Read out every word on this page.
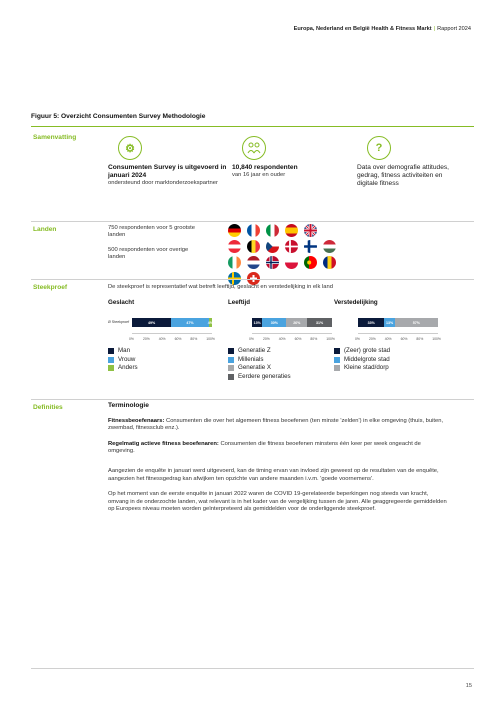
Europa, Nederland en België Health & Fitness Markt | Rapport 2024
Figuur 5: Overzicht Consumenten Survey Methodologie
Samenvatting
⚙
Consumenten Survey is uitgevoerd in januari 2024
ondersteund door marktonderzoekspartner
10,840 respondenten
van 16 jaar en ouder
?
Data over demografie attitudes, gedrag, fitness activiteiten en digitale fitness
Landen	750 respondenten voor 5 grootste landen
500 respondenten voor overige landen
Steekproef	De steekproef is representatief wat betreft leeftijd, geslacht en verstedelijking in elk land
Geslacht
Ø Steekproef	49%	47%	4%
0%	20%	40%	60%	80%	100%
Man
Vrouw
Anders
Leeftijd
13%	30%	26%	31%
0%	20%	40%	60%	80%	100%
Generatie Z
Millenials
Generatie X
Eerdere generaties
Verstedelijking
33%	13%	57%
0%	20%	40%	60%	80%	100%
(Zeer) grote stad
Middelgrote stad
Kleine stad/dorp
Definities	Terminologie

Fitnessbeoefenaars: Consumenten die over het algemeen fitness beoefenen (ten minste 'zelden') in elke omgeving (thuis, buiten, zwembad, fitnessclub enz.).

Regelmatig actieve fitness beoefenaren: Consumenten die fitness beoefenen minstens één keer per week ongeacht de omgeving.

Aangezien de enquête in januari werd uitgevoerd, kan de timing ervan van invloed zijn geweest op de resultaten van de enquête, aangezien het fitnessgedrag kan afwijken ten opzichte van andere maanden i.v.m. 'goede voornemens'.

Op het moment van de eerste enquête in januari 2022 waren de COVID 19-gerelateerde beperkingen nog steeds van kracht, omvang in de onderzochte landen, wat relevant is in het kader van de vergelijking tussen de jaren. Alle geaggregeerde gemiddelden op Europees niveau moeten worden geïnterpreteerd als gemiddelden voor de onderliggende steekproef.

15
